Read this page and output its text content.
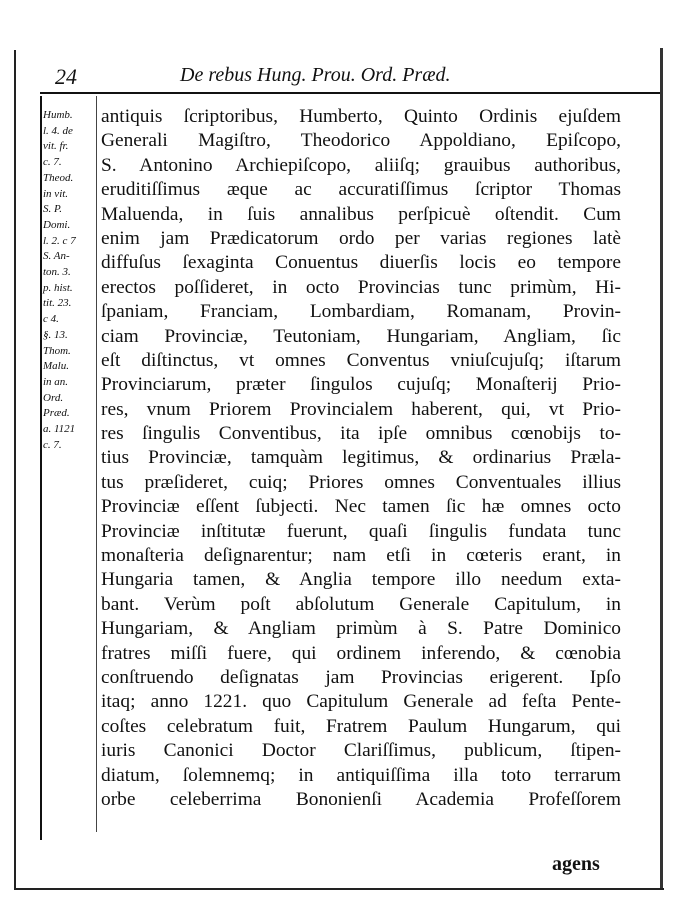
24	De rebus Hung. Prou. Ord. Præd.
Humb.
l. 4. de
vit. fr.
c. 7.
Theod.
in vit.
S. P.
Domi.
l. 2. c 7
S. An-
ton. 3.
p. hist.
tit. 23.
c 4.
§. 13.
Thom.
Malu.
in an.
Ord.
Præd.
a. 1121
c. 7.
antiquis ſcriptoribus, Humberto, Quinto Ordinis ejuſdem
Generali Magiſtro, Theodorico Appoldiano, Epiſcopo,
S. Antonino Archiepiſcopo, aliiſq; grauibus authoribus,
eruditiſſimus æque ac accuratiſſimus ſcriptor Thomas
Maluenda, in ſuis annalibus perſpicuè oſtendit. Cum
enim jam Prædicatorum ordo per varias regiones latè
diffuſus ſexaginta Conuentus diuerſis locis eo tempore
erectos poſſideret, in octo Provincias tunc primùm, Hi-
ſpaniam, Franciam, Lombardiam, Romanam, Provin-
ciam Provinciæ, Teutoniam, Hungariam, Angliam, ſic
eſt diſtinctus, vt omnes Conventus vniuſcujuſq; iſtarum
Provinciarum, præter ſingulos cujuſq; Monaſterij Prio-
res, vnum Priorem Provincialem haberent, qui, vt Prio-
res ſingulis Conventibus, ita ipſe omnibus cœnobijs to-
tius Provinciæ, tamquàm legitimus, & ordinarius Præla-
tus præſideret, cuiq; Priores omnes Conventuales illius
Provinciæ eſſent ſubjecti. Nec tamen ſic hæ omnes octo
Provinciæ inſtitutæ fuerunt, quaſi ſingulis fundata tunc
monaſteria deſignarentur; nam etſi in cœteris erant, in
Hungaria tamen, & Anglia tempore illo needum exta-
bant. Verùm poſt abſolutum Generale Capitulum, in
Hungariam, & Angliam primùm à S. Patre Dominico
fratres miſſi fuere, qui ordinem inferendo, & cœnobia
conſtruendo deſignatas jam Provincias erigerent. Ipſo
itaq; anno 1221. quo Capitulum Generale ad feſta Pente-
coſtes celebratum fuit, Fratrem Paulum Hungarum, qui
iuris Canonici Doctor Clariſſimus, publicum, ſtipen-
diatum, ſolemnemq; in antiquiſſima illa toto terrarum
orbe celeberrima Bononienſi Academia Profeſſorem
agens
